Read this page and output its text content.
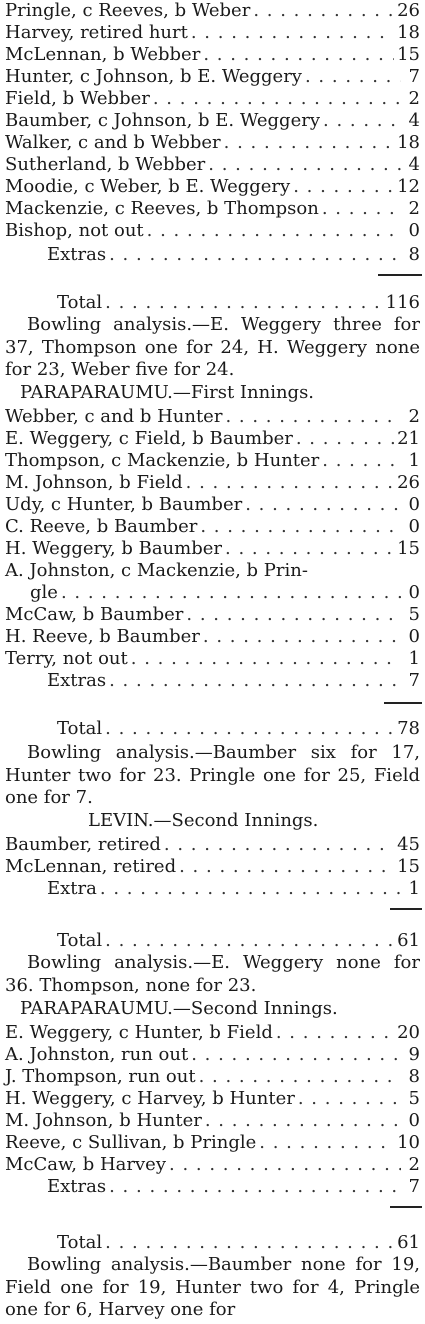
Pringle, c Reeves, b Weber . . .	26
Harvey, retired hurt . . .	18
McLennan, b Webber . . .	15
Hunter, c Johnson, b E. Weggery . . .	7
Field, b Webber . . .	2
Baumber, c Johnson, b E. Weggery . . .	4
Walker, c and b Webber . . .	18
Sutherland, b Webber . . .	4
Moodie, c Weber, b E. Weggery . . .	12
Mackenzie, c Reeves, b Thompson . . .	2
Bishop, not out . . .	0
Extras . . .	8
Total . . .	116

Bowling analysis.—E. Weggery three for 37, Thompson one for 24, H. Weggery none for 23, Weber five for 24.

PARAPARAUMU.—First Innings.
Webber, c and b Hunter . . .	2
E. Weggery, c Field, b Baumber . . .	21
Thompson, c Mackenzie, b Hunter . . .	1
M. Johnson, b Field . . .	26
Udy, c Hunter, b Baumber . . .	0
C. Reeve, b Baumber . . .	0
H. Weggery, b Baumber . . .	15
A. Johnston, c Mackenzie, b Prin-
gle . . .	0
McCaw, b Baumber . . .	5
H. Reeve, b Baumber . . .	0
Terry, not out . . .	1
Extras . . .	7
Total . . .	78

Bowling analysis.—Baumber six for 17, Hunter two for 23. Pringle one for 25, Field one for 7.

LEVIN.—Second Innings.
Baumber, retired . . .	45
McLennan, retired . . .	15
Extra . . .	1
Total . . .	61

Bowling analysis.—E. Weggery none for 36. Thompson, none for 23.

PARAPARAUMU.—Second Innings.
E. Weggery, c Hunter, b Field . . .	20
A. Johnston, run out . . .	9
J. Thompson, run out . . .	8
H. Weggery, c Harvey, b Hunter . . .	5
M. Johnson, b Hunter . . .	0
Reeve, c Sullivan, b Pringle . . .	10
McCaw, b Harvey . . .	2
Extras . . .	7
Total . . .	61

Bowling analysis.—Baumber none for 19, Field one for 19, Hunter two for 4, Pringle one for 6, Harvey one for
